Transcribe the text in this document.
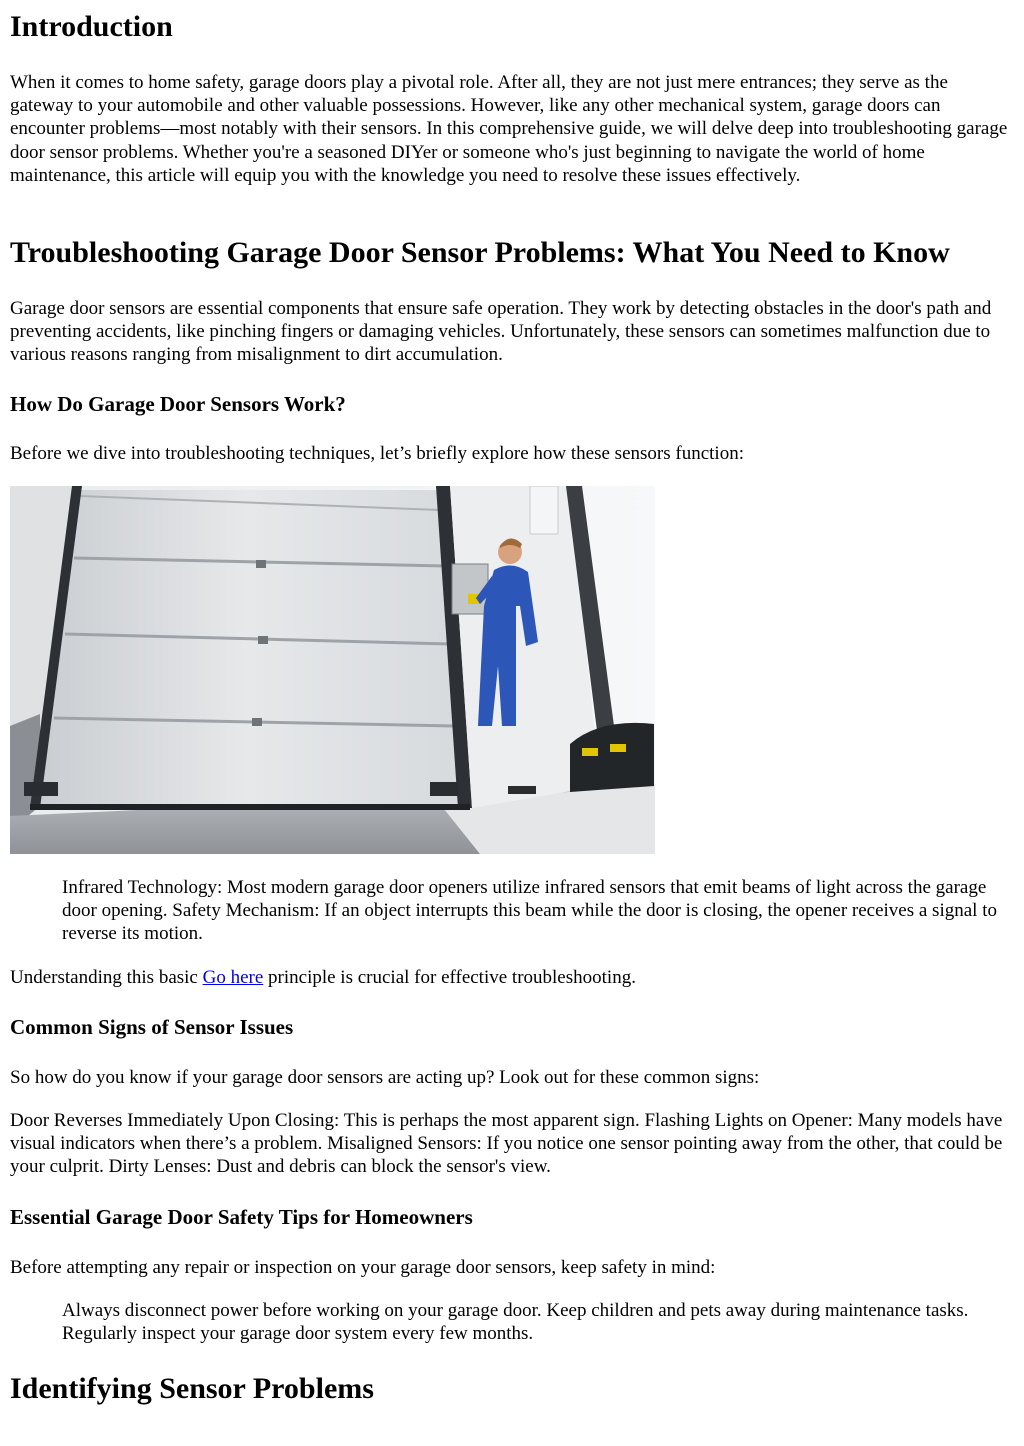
Introduction

When it comes to home safety, garage doors play a pivotal role. After all, they are not just mere entrances; they serve as the gateway to your automobile and other valuable possessions. However, like any other mechanical system, garage doors can encounter problems—most notably with their sensors. In this comprehensive guide, we will delve deep into troubleshooting garage door sensor problems. Whether you're a seasoned DIYer or someone who's just beginning to navigate the world of home maintenance, this article will equip you with the knowledge you need to resolve these issues effectively.

Troubleshooting Garage Door Sensor Problems: What You Need to Know

Garage door sensors are essential components that ensure safe operation. They work by detecting obstacles in the door's path and preventing accidents, like pinching fingers or damaging vehicles. Unfortunately, these sensors can sometimes malfunction due to various reasons ranging from misalignment to dirt accumulation.

How Do Garage Door Sensors Work?

Before we dive into troubleshooting techniques, let’s briefly explore how these sensors function:

Infrared Technology: Most modern garage door openers utilize infrared sensors that emit beams of light across the garage door opening. Safety Mechanism: If an object interrupts this beam while the door is closing, the opener receives a signal to reverse its motion.

Understanding this basic Go here principle is crucial for effective troubleshooting.

Common Signs of Sensor Issues

So how do you know if your garage door sensors are acting up? Look out for these common signs:

Door Reverses Immediately Upon Closing: This is perhaps the most apparent sign. Flashing Lights on Opener: Many models have visual indicators when there’s a problem. Misaligned Sensors: If you notice one sensor pointing away from the other, that could be your culprit. Dirty Lenses: Dust and debris can block the sensor's view.

Essential Garage Door Safety Tips for Homeowners

Before attempting any repair or inspection on your garage door sensors, keep safety in mind:

Always disconnect power before working on your garage door. Keep children and pets away during maintenance tasks. Regularly inspect your garage door system every few months.
Identifying Sensor Problems
